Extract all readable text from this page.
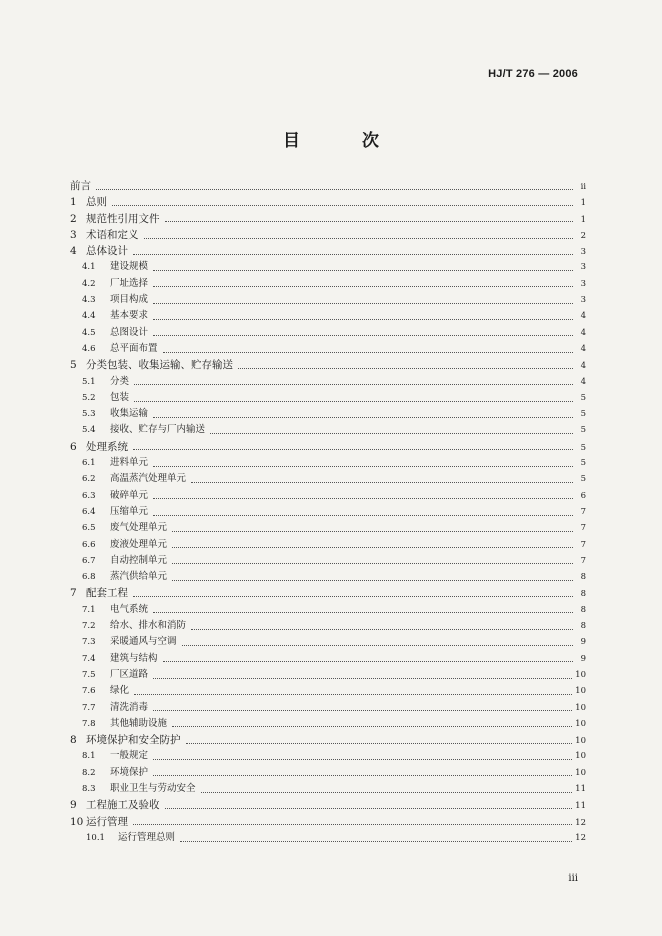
HJ/T 276 — 2006
目	次
前言	ⅱ
1 总则	1
2 规范性引用文件	1
3 术语和定义	2
4 总体设计	3
4.1	建设规模	3
4.2	厂址选择	3
4.3	项目构成	3
4.4	基本要求	4
4.5	总图设计	4
4.6	总平面布置	4
5 分类包装、收集运输、贮存输送	4
5.1	分类	4
5.2	包装	5
5.3	收集运输	5
5.4	接收、贮存与厂内输送	5
6 处理系统	5
6.1	进料单元	5
6.2	高温蒸汽处理单元	5
6.3	破碎单元	6
6.4	压缩单元	7
6.5	废气处理单元	7
6.6	废液处理单元	7
6.7	自动控制单元	7
6.8	蒸汽供给单元	8
7 配套工程	8
7.1	电气系统	8
7.2	给水、排水和消防	8
7.3	采暖通风与空调	9
7.4	建筑与结构	9
7.5	厂区道路	10
7.6	绿化	10
7.7	清洗消毒	10
7.8	其他辅助设施	10
8 环境保护和安全防护	10
8.1	一般规定	10
8.2	环境保护	10
8.3	职业卫生与劳动安全	11
9 工程施工及验收	11
10 运行管理	12
10.1	运行管理总则	12
ⅲ
